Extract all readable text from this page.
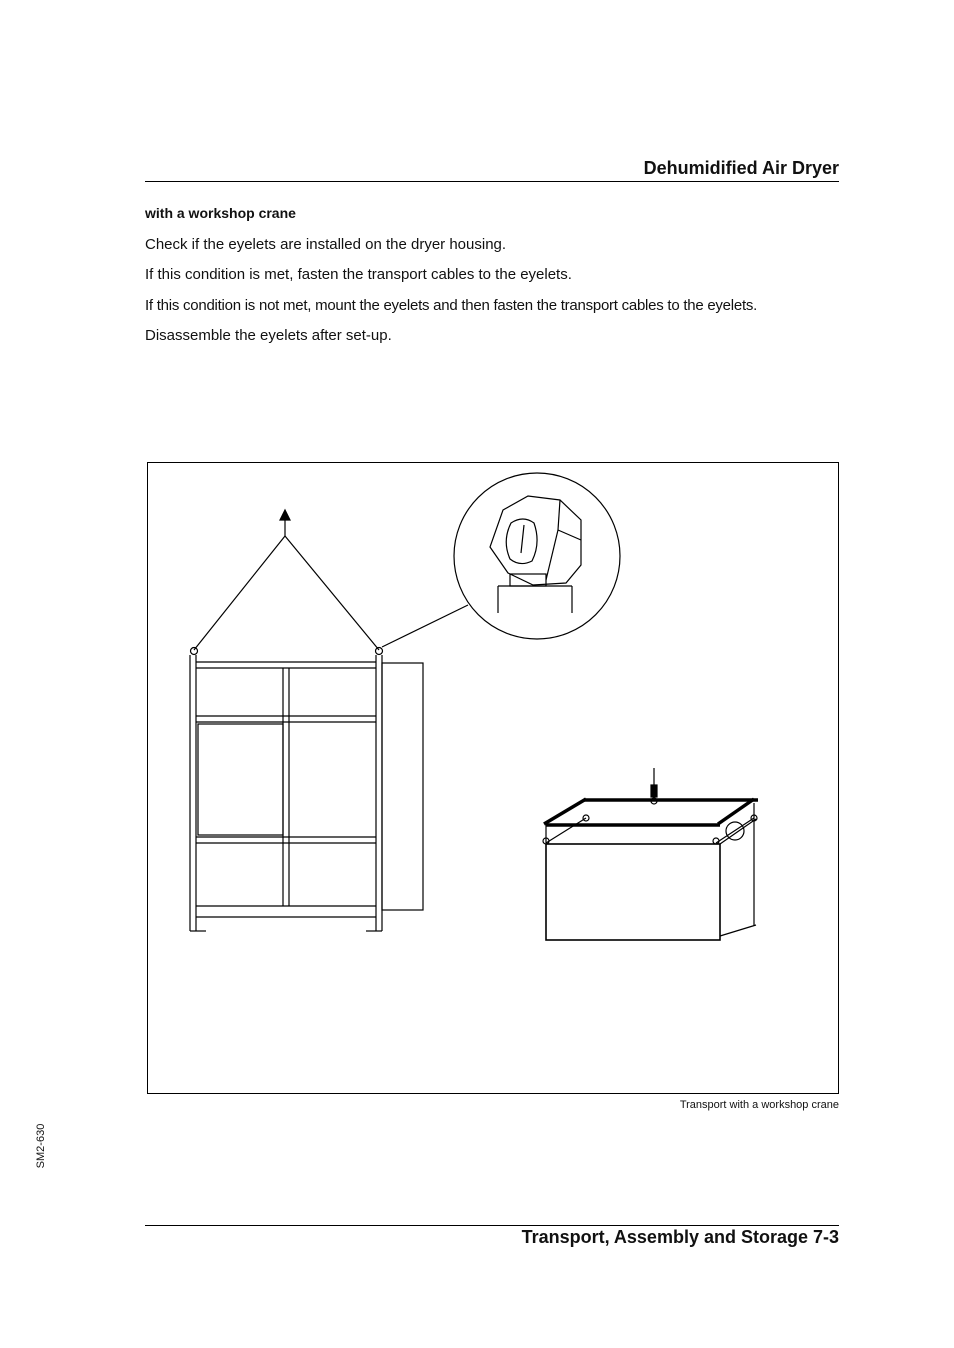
Dehumidified Air Dryer
with a workshop crane
Check if the eyelets are installed on the dryer housing.
If this condition is met, fasten the transport cables to the eyelets.
If this condition is not met, mount the eyelets and then fasten the transport cables to the eyelets.
Disassemble the eyelets after set-up.
Transport with a workshop crane
SM2-630
Transport, Assembly and Storage 7-3
